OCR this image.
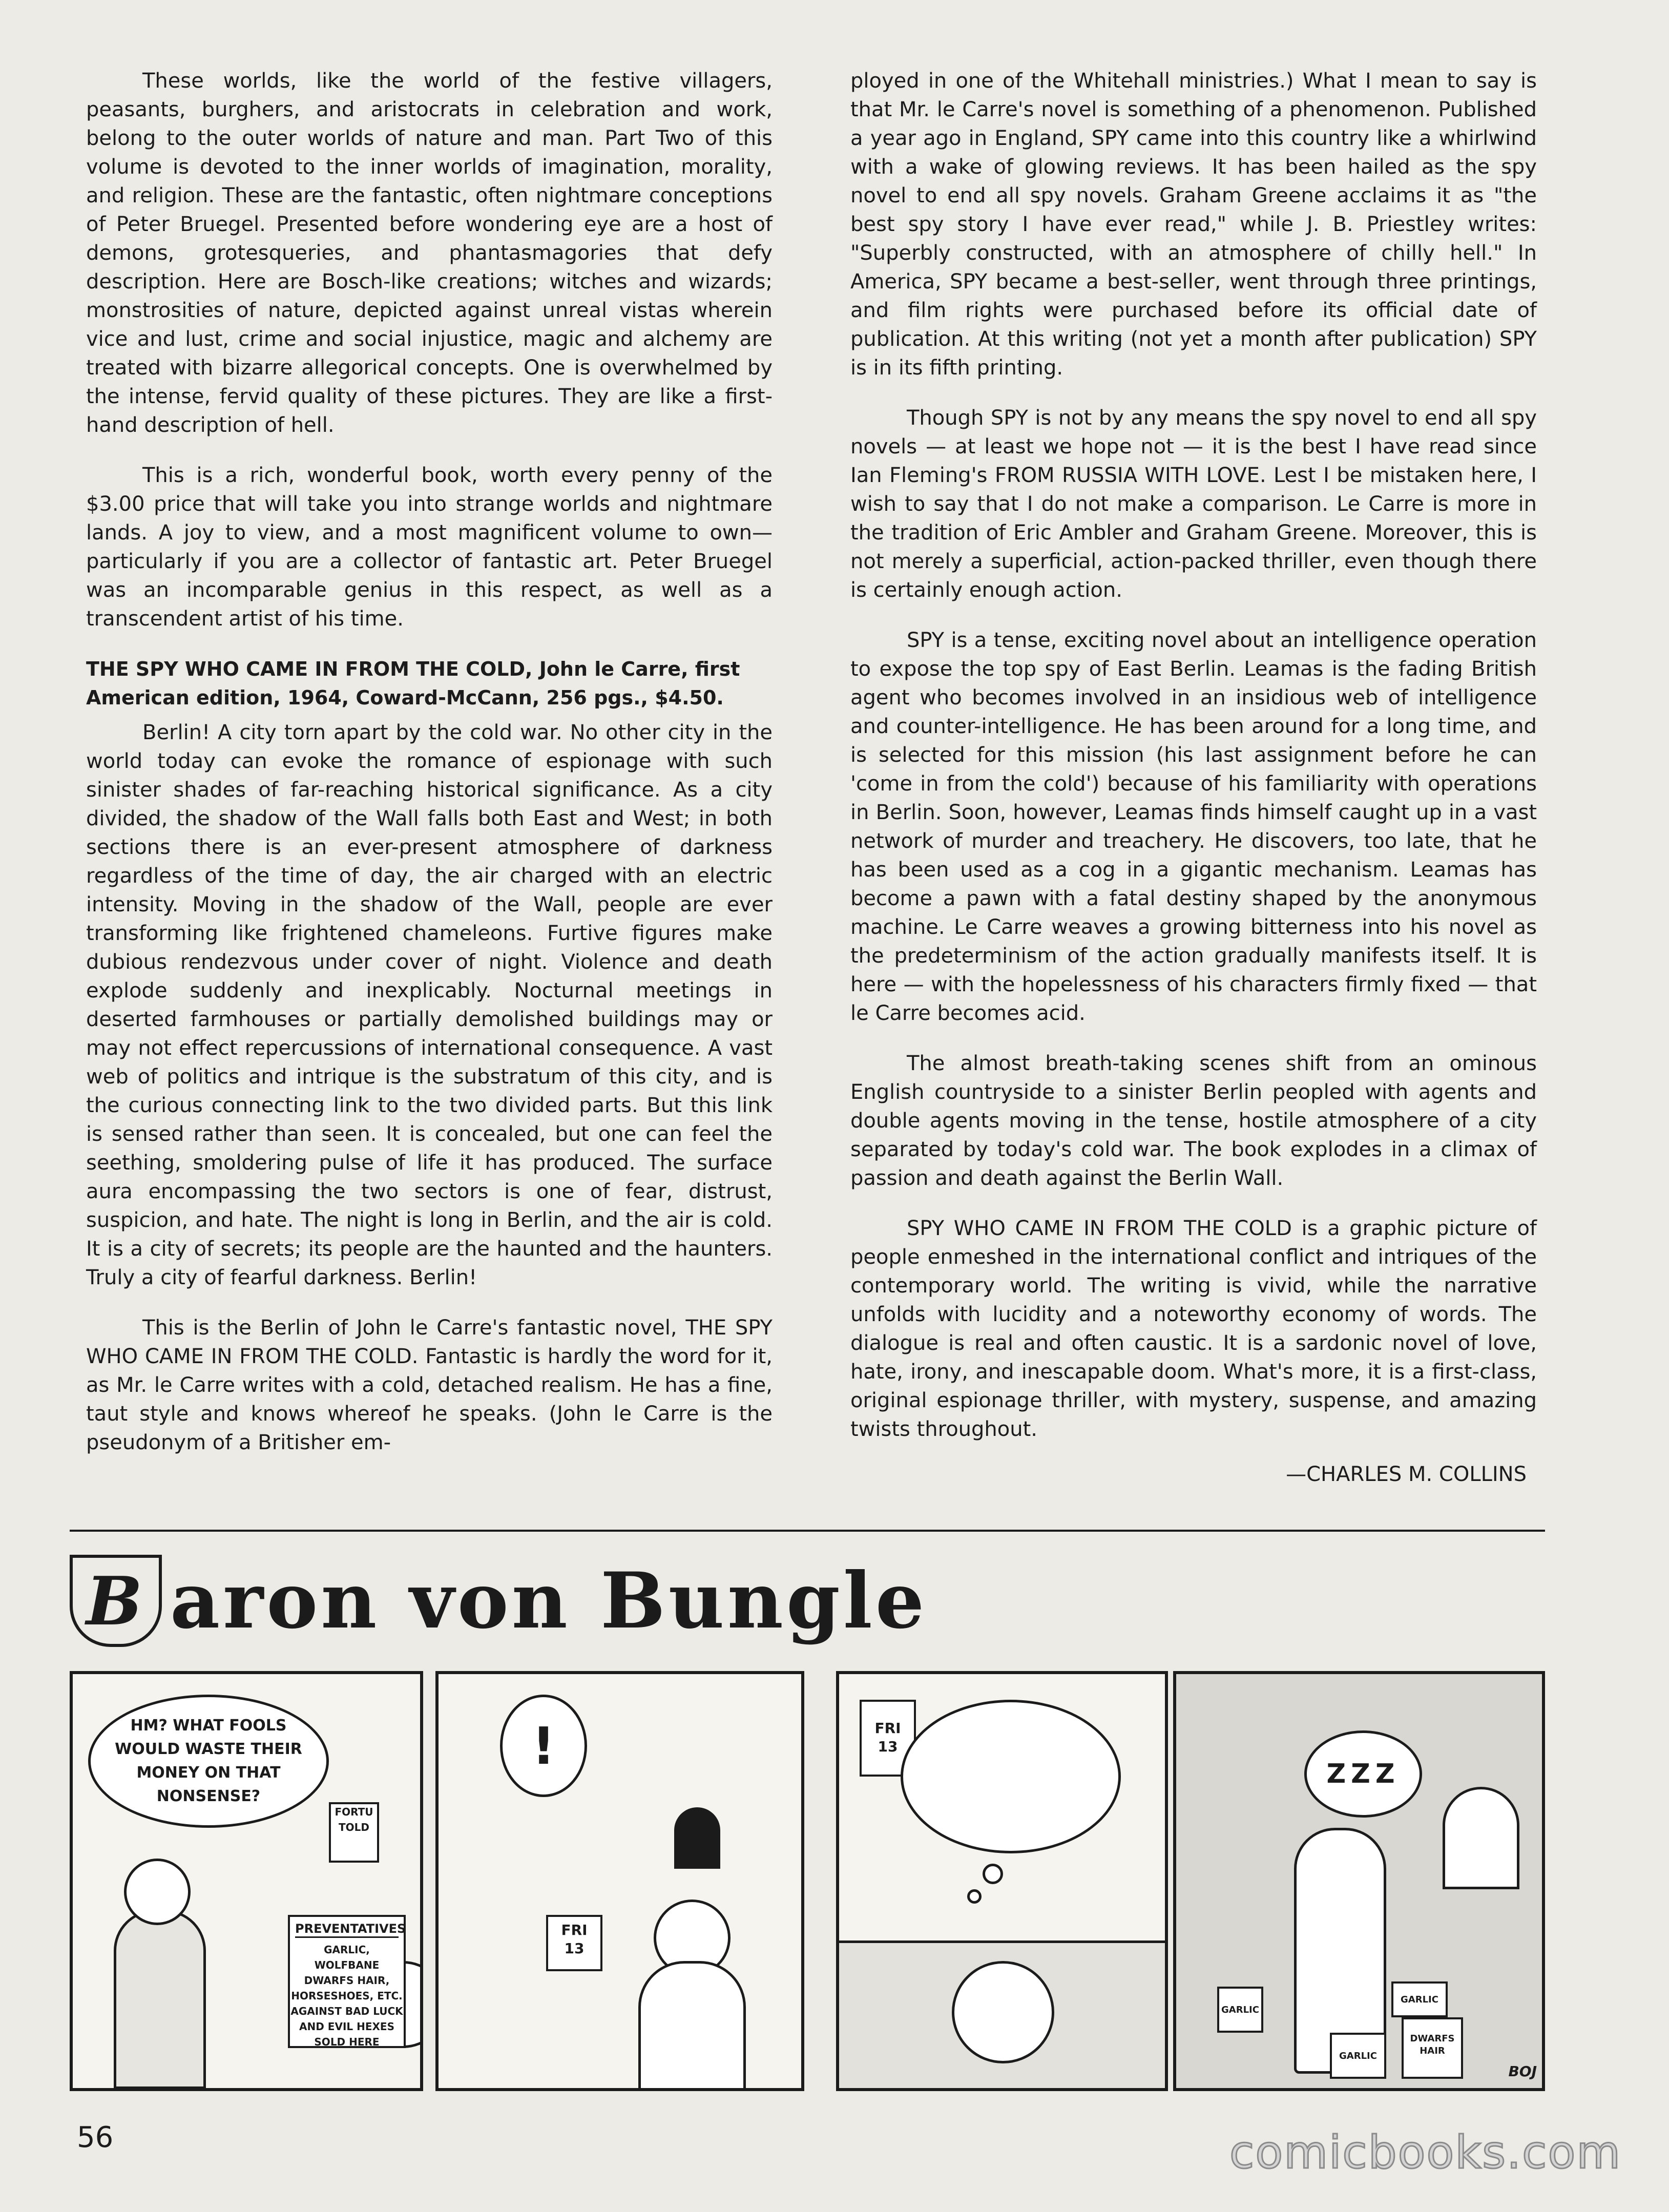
These worlds, like the world of the festive villagers, peasants, burghers, and aristocrats in celebration and work, belong to the outer worlds of nature and man. Part Two of this volume is devoted to the inner worlds of imagination, morality, and religion. These are the fantastic, often nightmare conceptions of Peter Bruegel. Presented before wondering eye are a host of demons, grotesqueries, and phantasmagories that defy description. Here are Bosch-like creations; witches and wizards; monstrosities of nature, depicted against unreal vistas wherein vice and lust, crime and social injustice, magic and alchemy are treated with bizarre allegorical concepts. One is overwhelmed by the intense, fervid quality of these pictures. They are like a first-hand description of hell.

This is a rich, wonderful book, worth every penny of the $3.00 price that will take you into strange worlds and nightmare lands. A joy to view, and a most magnificent volume to own—particularly if you are a collector of fantastic art. Peter Bruegel was an incomparable genius in this respect, as well as a transcendent artist of his time.

THE SPY WHO CAME IN FROM THE COLD, John le Carre, first American edition, 1964, Coward-McCann, 256 pgs., $4.50.

Berlin! A city torn apart by the cold war. No other city in the world today can evoke the romance of espionage with such sinister shades of far-reaching historical significance. As a city divided, the shadow of the Wall falls both East and West; in both sections there is an ever-present atmosphere of darkness regardless of the time of day, the air charged with an electric intensity. Moving in the shadow of the Wall, people are ever transforming like frightened chameleons. Furtive figures make dubious rendezvous under cover of night. Violence and death explode suddenly and inexplicably. Nocturnal meetings in deserted farmhouses or partially demolished buildings may or may not effect repercussions of international consequence. A vast web of politics and intrique is the substratum of this city, and is the curious connecting link to the two divided parts. But this link is sensed rather than seen. It is concealed, but one can feel the seething, smoldering pulse of life it has produced. The surface aura encompassing the two sectors is one of fear, distrust, suspicion, and hate. The night is long in Berlin, and the air is cold. It is a city of secrets; its people are the haunted and the haunters. Truly a city of fearful darkness. Berlin!

This is the Berlin of John le Carre's fantastic novel, THE SPY WHO CAME IN FROM THE COLD. Fantastic is hardly the word for it, as Mr. le Carre writes with a cold, detached realism. He has a fine, taut style and knows whereof he speaks. (John le Carre is the pseudonym of a Britisher em-

ployed in one of the Whitehall ministries.) What I mean to say is that Mr. le Carre's novel is something of a phenomenon. Published a year ago in England, SPY came into this country like a whirlwind with a wake of glowing reviews. It has been hailed as the spy novel to end all spy novels. Graham Greene acclaims it as "the best spy story I have ever read," while J. B. Priestley writes: "Superbly constructed, with an atmosphere of chilly hell." In America, SPY became a best-seller, went through three printings, and film rights were purchased before its official date of publication. At this writing (not yet a month after publication) SPY is in its fifth printing.

Though SPY is not by any means the spy novel to end all spy novels — at least we hope not — it is the best I have read since Ian Fleming's FROM RUSSIA WITH LOVE. Lest I be mistaken here, I wish to say that I do not make a comparison. Le Carre is more in the tradition of Eric Ambler and Graham Greene. Moreover, this is not merely a superficial, action-packed thriller, even though there is certainly enough action.

SPY is a tense, exciting novel about an intelligence operation to expose the top spy of East Berlin. Leamas is the fading British agent who becomes involved in an insidious web of intelligence and counter-intelligence. He has been around for a long time, and is selected for this mission (his last assignment before he can 'come in from the cold') because of his familiarity with operations in Berlin. Soon, however, Leamas finds himself caught up in a vast network of murder and treachery. He discovers, too late, that he has been used as a cog in a gigantic mechanism. Leamas has become a pawn with a fatal destiny shaped by the anonymous machine. Le Carre weaves a growing bitterness into his novel as the predeterminism of the action gradually manifests itself. It is here — with the hopelessness of his characters firmly fixed — that le Carre becomes acid.

The almost breath-taking scenes shift from an ominous English countryside to a sinister Berlin peopled with agents and double agents moving in the tense, hostile atmosphere of a city separated by today's cold war. The book explodes in a climax of passion and death against the Berlin Wall.

SPY WHO CAME IN FROM THE COLD is a graphic picture of people enmeshed in the international conflict and intriques of the contemporary world. The writing is vivid, while the narrative unfolds with lucidity and a noteworthy economy of words. The dialogue is real and often caustic. It is a sardonic novel of love, hate, irony, and inescapable doom. What's more, it is a first-class, original espionage thriller, with mystery, suspense, and amazing twists throughout.

—CHARLES M. COLLINS
B aron von Bungle
HM? WHAT FOOLS WOULD WASTE THEIR MONEY ON THAT NONSENSE?
FORTU TOLD
PREVENTATIVES
GARLIC, WOLFBANE DWARFS HAIR, HORSESHOES, ETC. AGAINST BAD LUCK AND EVIL HEXES SOLD HERE
!
FRI
13
FRI
13
ZZZ
GARLIC
GARLIC
DWARFS HAIR
GARLIC
BOJ
56	comicbooks.com
